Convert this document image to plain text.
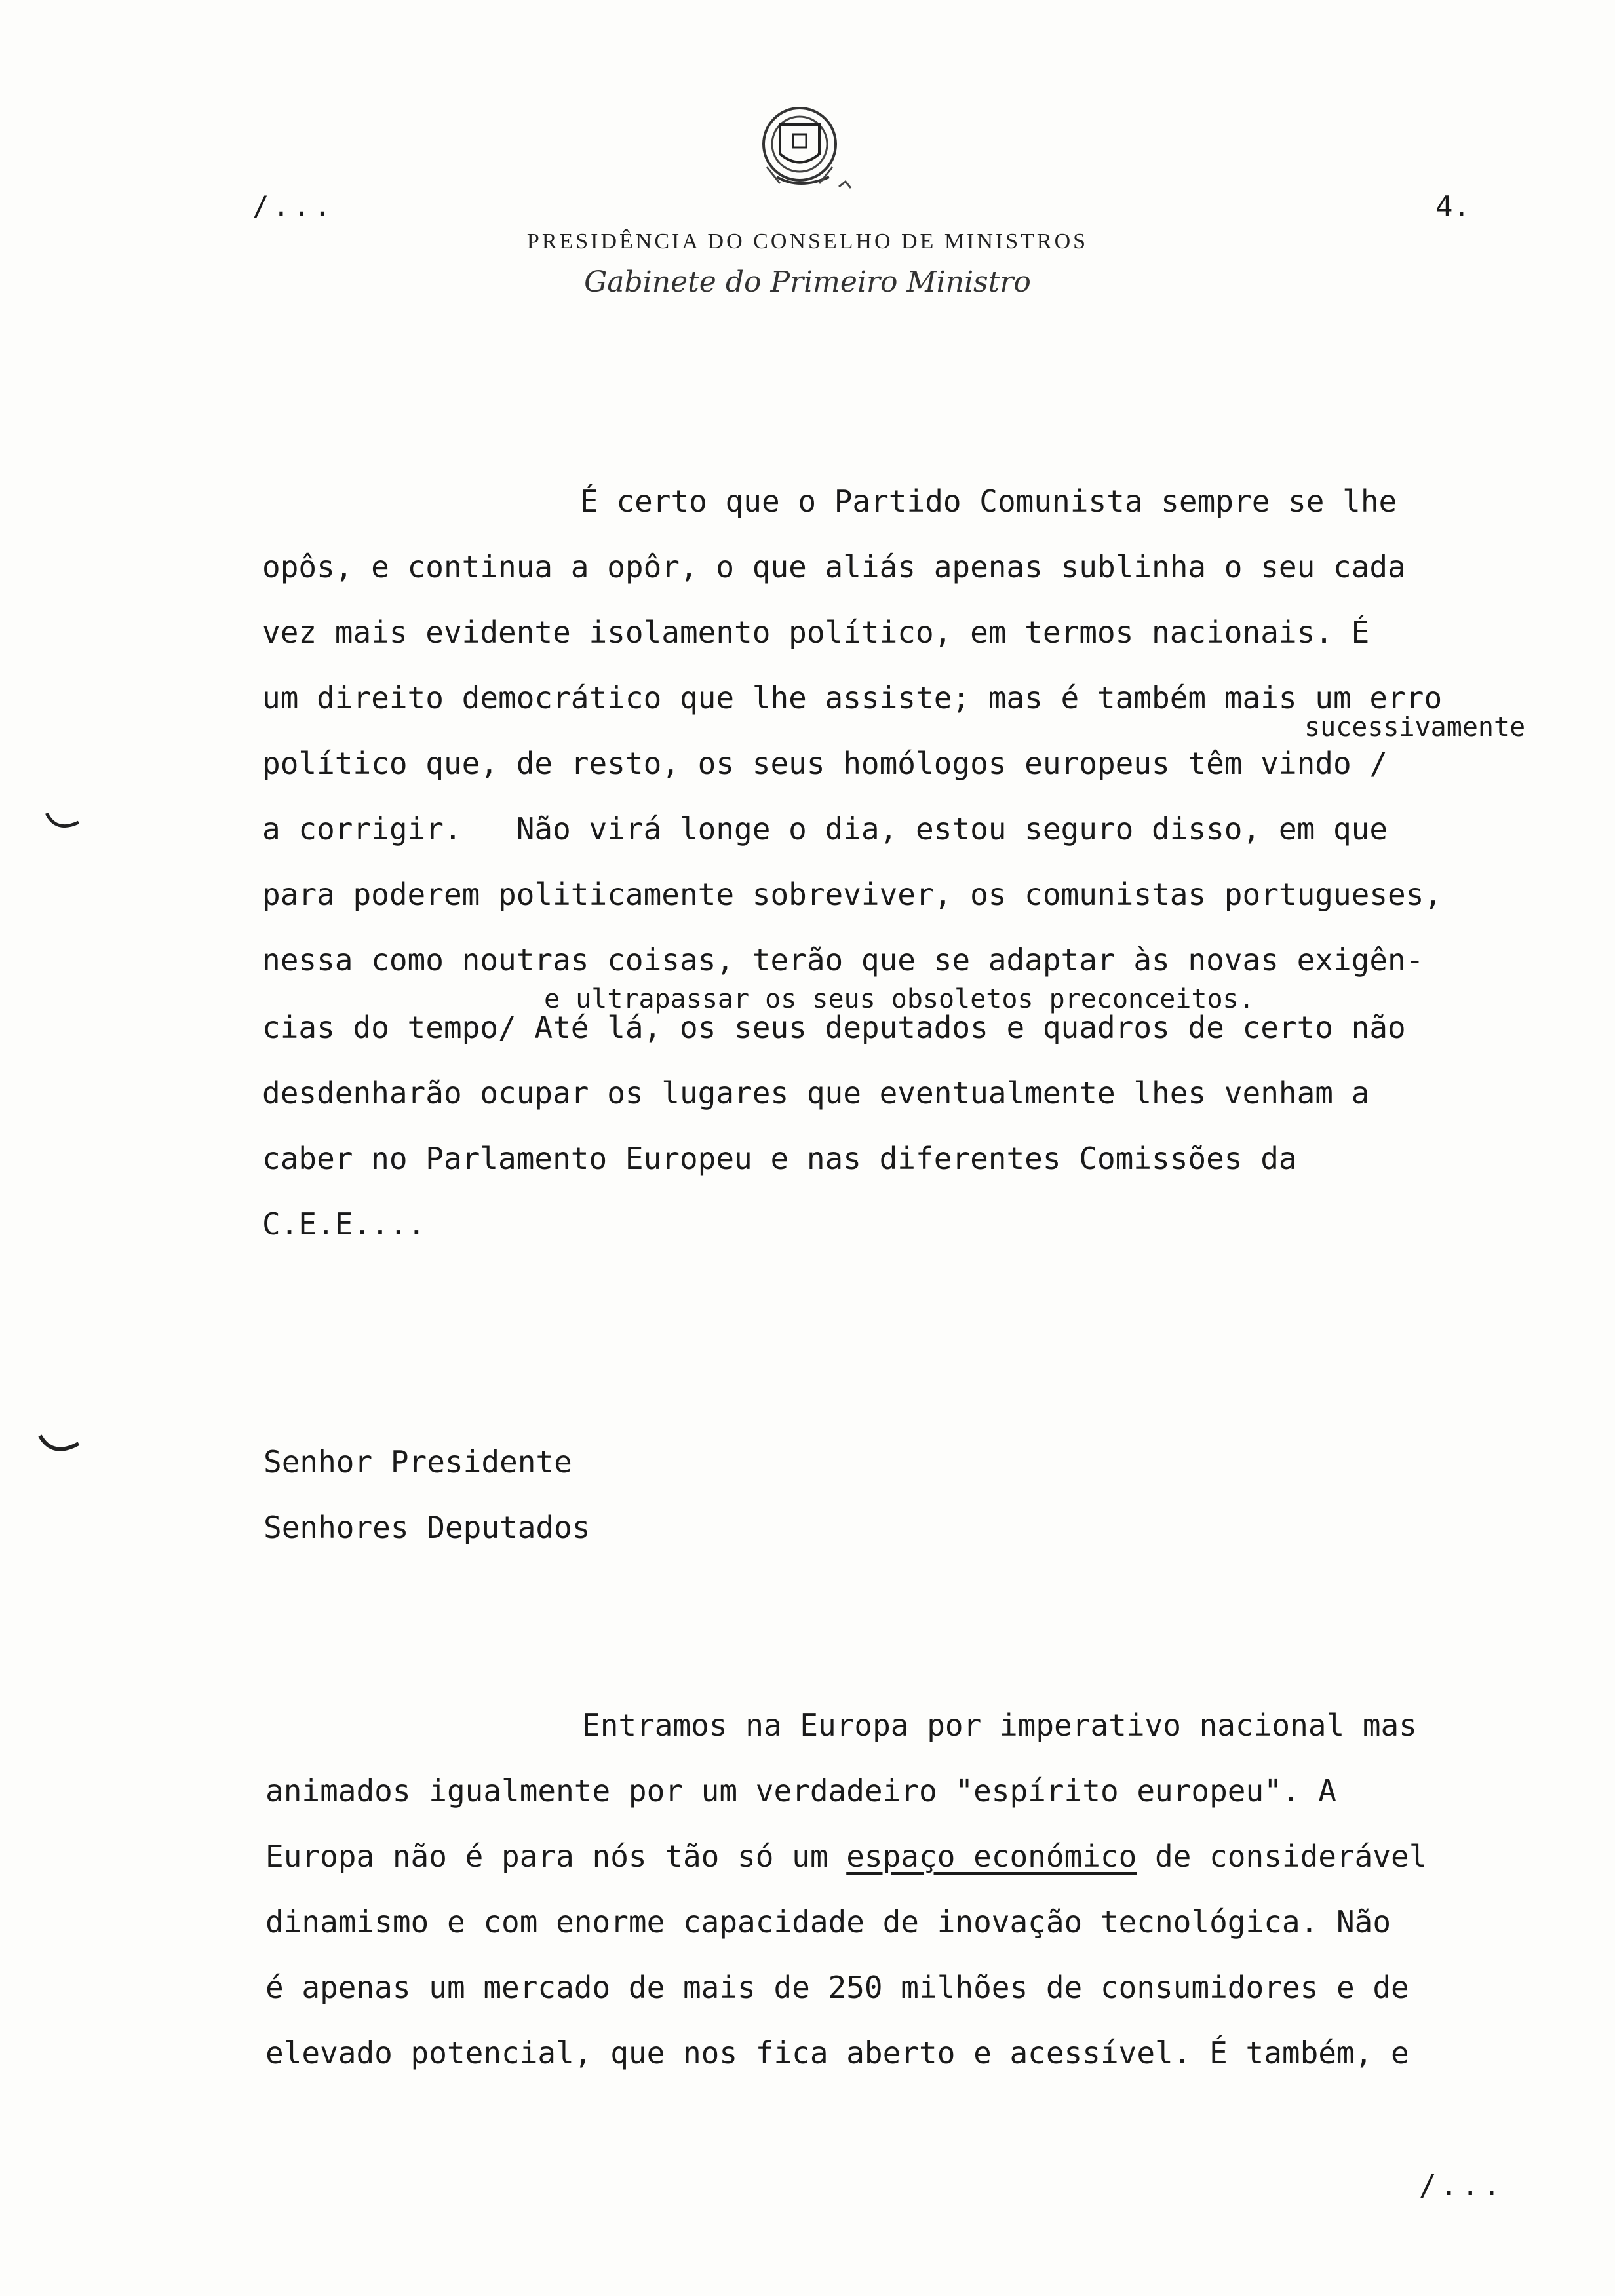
/...	4.
PRESIDÊNCIA DO CONSELHO DE MINISTROS
Gabinete do Primeiro Ministro
É certo que o Partido Comunista sempre se lhe
opôs, e continua a opôr, o que aliás apenas sublinha o seu cada
vez mais evidente isolamento político, em termos nacionais. É
um direito democrático que lhe assiste; mas é também mais um erro
sucessivamente
político que, de resto, os seus homólogos europeus têm vindo /
a corrigir.   Não virá longe o dia, estou seguro disso, em que
para poderem politicamente sobreviver, os comunistas portugueses,
nessa como noutras coisas, terão que se adaptar às novas exigên-
e ultrapassar os seus obsoletos preconceitos.
cias do tempo/ Até lá, os seus deputados e quadros de certo não
desdenharão ocupar os lugares que eventualmente lhes venham a
caber no Parlamento Europeu e nas diferentes Comissões da
C.E.E....
Senhor Presidente
Senhores Deputados
Entramos na Europa por imperativo nacional mas
animados igualmente por um verdadeiro "espírito europeu". A
Europa não é para nós tão só um espaço económico de considerável
dinamismo e com enorme capacidade de inovação tecnológica. Não
é apenas um mercado de mais de 250 milhões de consumidores e de
elevado potencial, que nos fica aberto e acessível. É também, e
/...
